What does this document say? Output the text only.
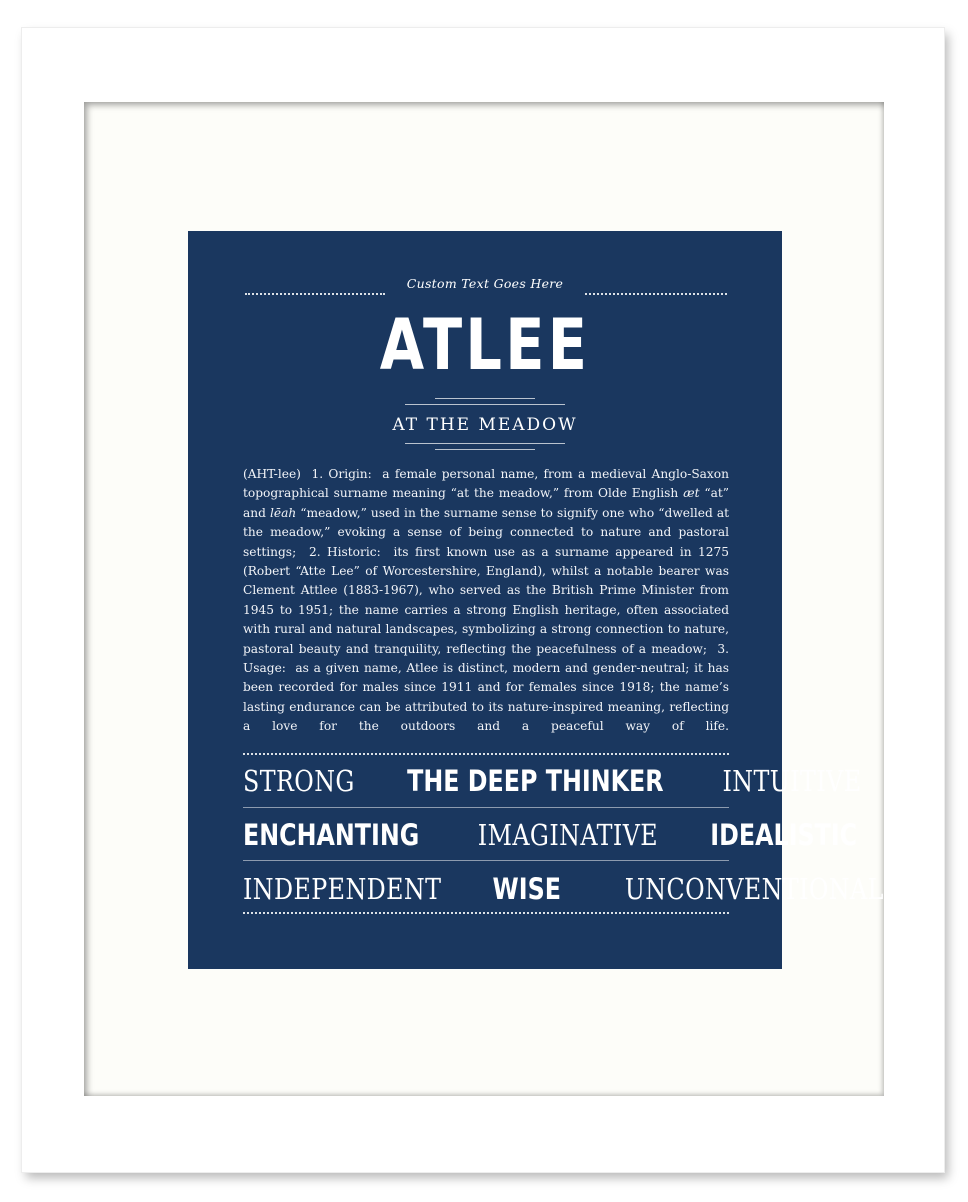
Custom Text Goes Here
ATLEE
AT THE MEADOW
(AHT-lee)  1. Origin:  a female personal name, from a medieval Anglo-Saxon topographical surname meaning “at the meadow,” from Olde English æt “at” and lēah “meadow,” used in the surname sense to signify one who “dwelled at the meadow,” evoking a sense of being connected to nature and pastoral settings;  2. Historic:  its first known use as a surname appeared in 1275 (Robert “Atte Lee” of Worcestershire, England), whilst a notable bearer was Clement Attlee (1883-1967), who served as the British Prime Minister from 1945 to 1951; the name carries a strong English heritage, often associated with rural and natural landscapes, symbolizing a strong connection to nature, pastoral beauty and tranquility, reflecting the peacefulness of a meadow;  3. Usage:  as a given name, Atlee is distinct, modern and gender-neutral; it has been recorded for males since 1911 and for females since 1918; the name’s lasting endurance can be attributed to its nature-inspired meaning, reflecting a love for the outdoors and a peaceful way of life.
STRONG THE DEEP THINKER INTUITIVE
ENCHANTING IMAGINATIVE IDEALISTIC
INDEPENDENT WISE UNCONVENTIONAL
